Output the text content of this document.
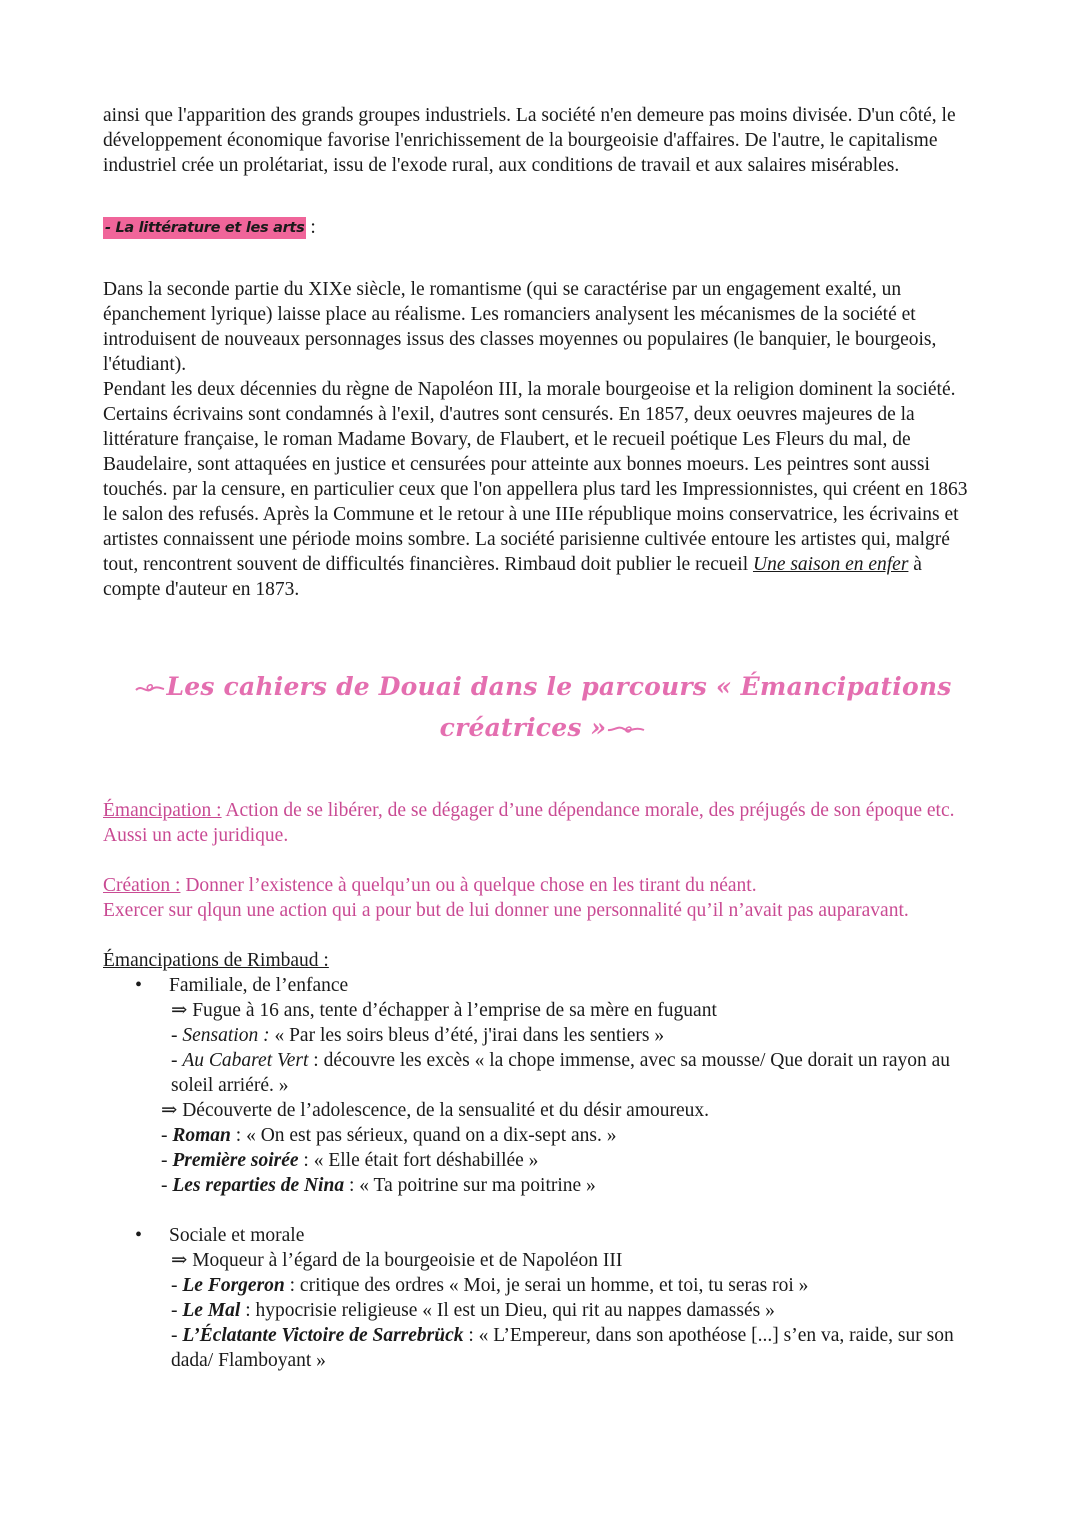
ainsi que l'apparition des grands groupes industriels. La société n'en demeure pas moins divisée. D'un côté, le développement économique favorise l'enrichissement de la bourgeoisie d'affaires. De l'autre, le capitalisme industriel crée un prolétariat, issu de l'exode rural, aux conditions de travail et aux salaires misérables.

- La littérature et les arts :

Dans la seconde partie du XIXe siècle, le romantisme (qui se caractérise par un engagement exalté, un épanchement lyrique) laisse place au réalisme. Les romanciers analysent les mécanismes de la société et introduisent de nouveaux personnages issus des classes moyennes ou populaires (le banquier, le bourgeois, l'étudiant).

Pendant les deux décennies du règne de Napoléon III, la morale bourgeoise et la religion dominent la société. Certains écrivains sont condamnés à l'exil, d'autres sont censurés. En 1857, deux oeuvres majeures de la littérature française, le roman Madame Bovary, de Flaubert, et le recueil poétique Les Fleurs du mal, de Baudelaire, sont attaquées en justice et censurées pour atteinte aux bonnes moeurs. Les peintres sont aussi touchés. par la censure, en particulier ceux que l'on appellera plus tard les Impressionnistes, qui créent en 1863 le salon des refusés. Après la Commune et le retour à une IIIe république moins conservatrice, les écrivains et artistes connaissent une période moins sombre. La société parisienne cultivée entoure les artistes qui, malgré tout, rencontrent souvent de difficultés financières. Rimbaud doit publier le recueil Une saison en enfer à compte d'auteur en 1873.

Les cahiers de Douai dans le parcours « Émancipations
créatrices »

Émancipation : Action de se libérer, de se dégager d’une dépendance morale, des préjugés de son époque etc. Aussi un acte juridique.

Création : Donner l’existence à quelqu’un ou à quelque chose en les tirant du néant.
Exercer sur qlqun une action qui a pour but de lui donner une personnalité qu’il n’avait pas auparavant.

Émancipations de Rimbaud :

• Familiale, de l’enfance
⇒ Fugue à 16 ans, tente d’échapper à l’emprise de sa mère en fuguant
- Sensation : « Par les soirs bleus d’été, j'irai dans les sentiers »
- Au Cabaret Vert : découvre les excès « la chope immense, avec sa mousse/ Que dorait un rayon au soleil arriéré. »
⇒ Découverte de l’adolescence, de la sensualité et du désir amoureux.
- Roman : « On est pas sérieux, quand on a dix-sept ans. »
- Première soirée : « Elle était fort déshabillée »
- Les reparties de Nina : « Ta poitrine sur ma poitrine »
• Sociale et morale
⇒ Moqueur à l’égard de la bourgeoisie et de Napoléon III
- Le Forgeron : critique des ordres « Moi, je serai un homme, et toi, tu seras roi »
- Le Mal : hypocrisie religieuse « Il est un Dieu, qui rit au nappes damassés »
- L’Éclatante Victoire de Sarrebrück : « L’Empereur, dans son apothéose [...] s’en va, raide, sur son dada/ Flamboyant »
